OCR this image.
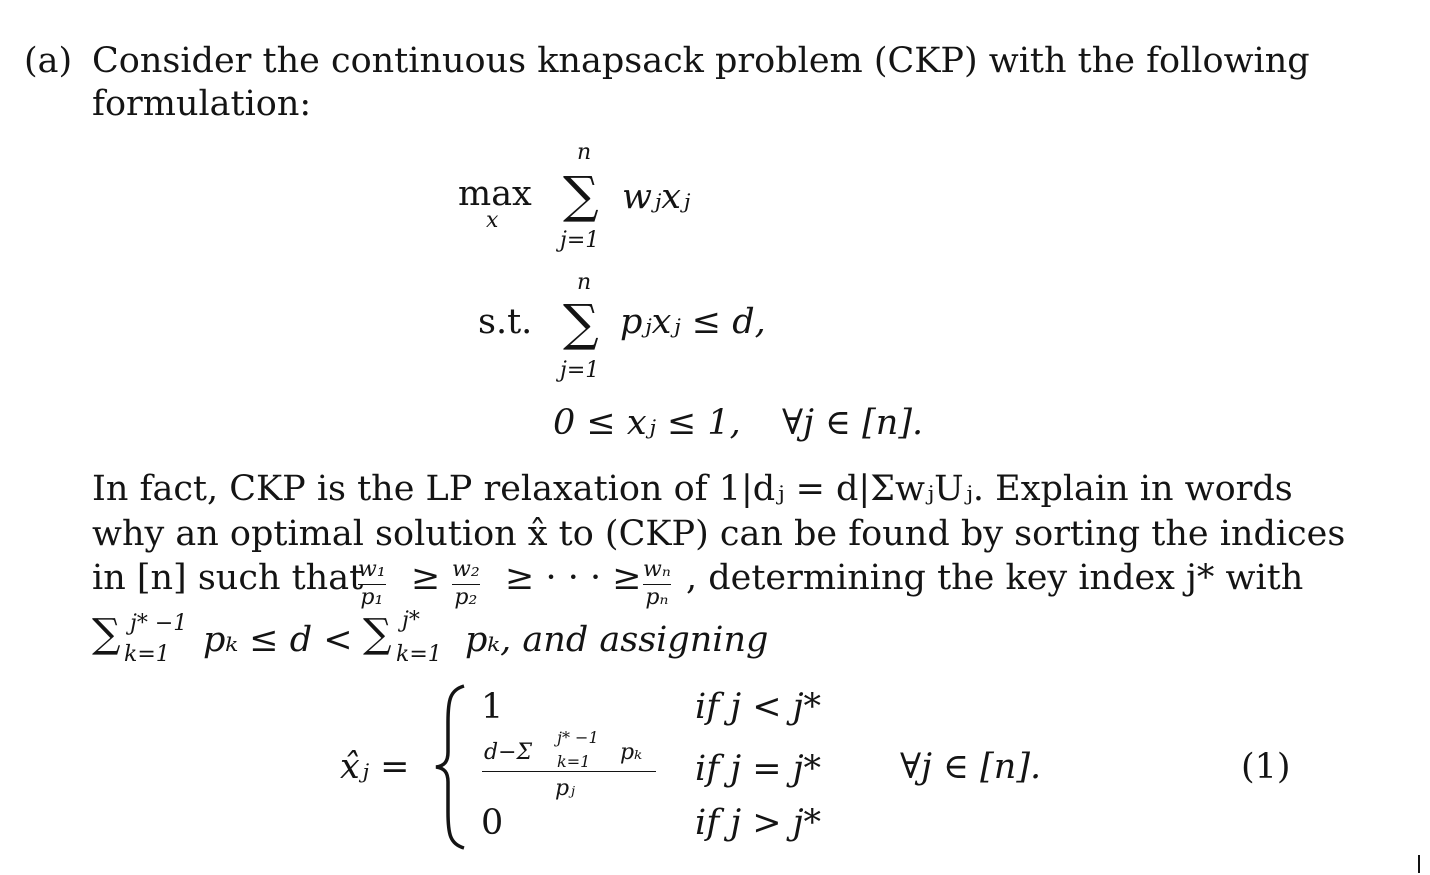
(a) Consider the continuous knapsack problem (CKP) with the following
formulation:
max
x
n
∑
j=1
wⱼxⱼ
s.t.
n
∑
j=1
pⱼxⱼ ≤ d,
0 ≤ xⱼ ≤ 1, ∀j ∈ [n].
In fact, CKP is the LP relaxation of 1|dⱼ = d|ΣwⱼUⱼ. Explain in words
why an optimal solution x̂ to (CKP) can be found by sorting the indices
in [n] such that
w₁
p₁ ≥ w₂
p₂ ≥ · · · ≥ wₙ
pₙ , determining the key index j* with
∑ j* −1
k=1 pₖ ≤ d < ∑ j*
k=1 pₖ, and assigning
x̂ⱼ =
1	if j < j*
d−Σ
j* −1
k=1 pₖ
pⱼ	if j = j*
0	if j > j*
∀j ∈ [n].	(1)
